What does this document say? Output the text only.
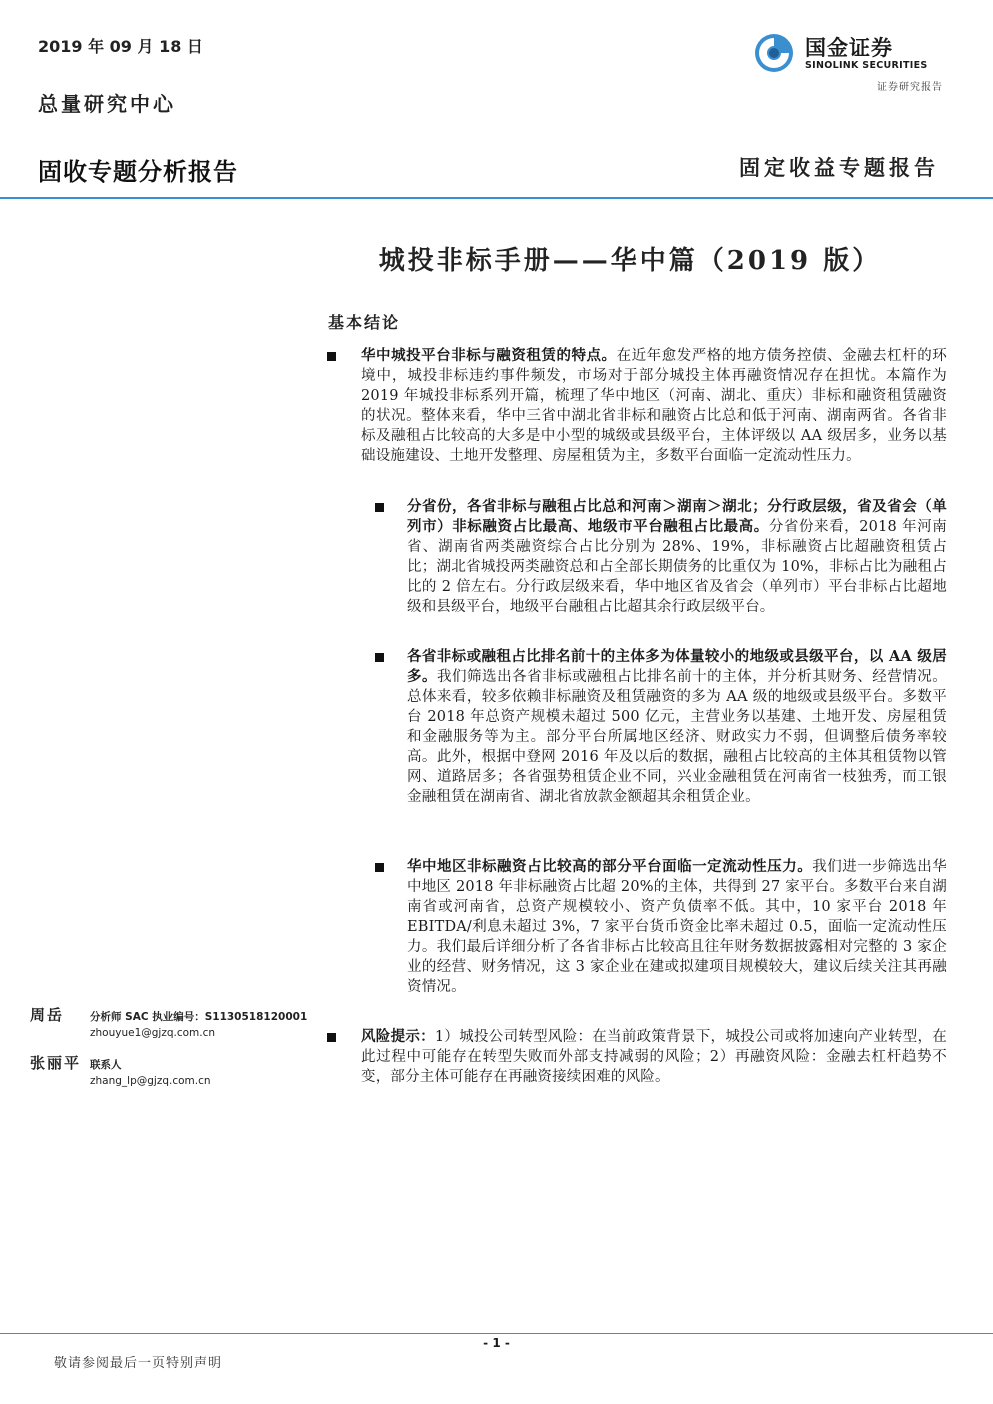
2019 年 09 月 18 日
总量研究中心
固收专题分析报告	固定收益专题报告
国金证券
SINOLINK SECURITIES
证券研究报告
城投非标手册——华中篇（2019 版）
基本结论
华中城投平台非标与融资租赁的特点。在近年愈发严格的地方债务控债、金融去杠杆的环境中，城投非标违约事件频发，市场对于部分城投主体再融资情况存在担忧。本篇作为 2019 年城投非标系列开篇，梳理了华中地区（河南、湖北、重庆）非标和融资租赁融资的状况。整体来看，华中三省中湖北省非标和融资占比总和低于河南、湖南两省。各省非标及融租占比较高的大多是中小型的城级或县级平台，主体评级以 AA 级居多，业务以基础设施建设、土地开发整理、房屋租赁为主，多数平台面临一定流动性压力。
分省份，各省非标与融租占比总和河南＞湖南＞湖北；分行政层级，省及省会（单列市）非标融资占比最高、地级市平台融租占比最高。分省份来看，2018 年河南省、湖南省两类融资综合占比分别为 28%、19%，非标融资占比超融资租赁占比；湖北省城投两类融资总和占全部长期债务的比重仅为 10%，非标占比为融租占比的 2 倍左右。分行政层级来看，华中地区省及省会（单列市）平台非标占比超地级和县级平台，地级平台融租占比超其余行政层级平台。
各省非标或融租占比排名前十的主体多为体量较小的地级或县级平台，以 AA 级居多。我们筛选出各省非标或融租占比排名前十的主体，并分析其财务、经营情况。总体来看，较多依赖非标融资及租赁融资的多为 AA 级的地级或县级平台。多数平台 2018 年总资产规模未超过 500 亿元，主营业务以基建、土地开发、房屋租赁和金融服务等为主。部分平台所属地区经济、财政实力不弱，但调整后债务率较高。此外，根据中登网 2016 年及以后的数据，融租占比较高的主体其租赁物以管网、道路居多；各省强势租赁企业不同，兴业金融租赁在河南省一枝独秀，而工银金融租赁在湖南省、湖北省放款金额超其余租赁企业。
华中地区非标融资占比较高的部分平台面临一定流动性压力。我们进一步筛选出华中地区 2018 年非标融资占比超 20%的主体，共得到 27 家平台。多数平台来自湖南省或河南省，总资产规模较小、资产负债率不低。其中，10 家平台 2018 年 EBITDA/利息未超过 3%，7 家平台货币资金比率未超过 0.5，面临一定流动性压力。我们最后详细分析了各省非标占比较高且往年财务数据披露相对完整的 3 家企业的经营、财务情况，这 3 家企业在建或拟建项目规模较大，建议后续关注其再融资情况。
风险提示：1）城投公司转型风险：在当前政策背景下，城投公司或将加速向产业转型，在此过程中可能存在转型失败而外部支持减弱的风险；2）再融资风险：金融去杠杆趋势不变，部分主体可能存在再融资接续困难的风险。
周岳 分析师 SAC 执业编号：S1130518120001
zhouyue1@gjzq.com.cn
张丽平 联系人
zhang_lp@gjzq.com.cn
- 1 -
敬请参阅最后一页特别声明
